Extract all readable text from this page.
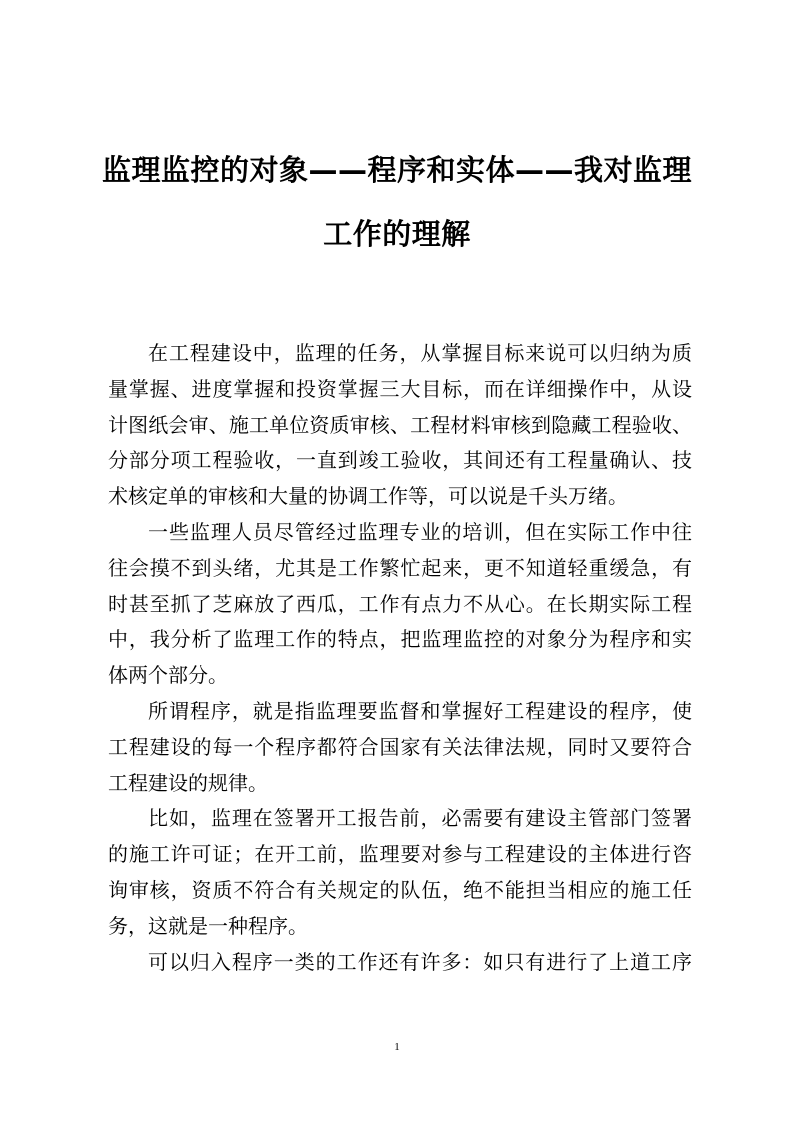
监理监控的对象——程序和实体——我对监理
工作的理解
在工程建设中，监理的任务，从掌握目标来说可以归纳为质
量掌握、进度掌握和投资掌握三大目标，而在详细操作中，从设
计图纸会审、施工单位资质审核、工程材料审核到隐藏工程验收、
分部分项工程验收，一直到竣工验收，其间还有工程量确认、技
术核定单的审核和大量的协调工作等，可以说是千头万绪。
一些监理人员尽管经过监理专业的培训，但在实际工作中往
往会摸不到头绪，尤其是工作繁忙起来，更不知道轻重缓急，有
时甚至抓了芝麻放了西瓜，工作有点力不从心。在长期实际工程
中，我分析了监理工作的特点，把监理监控的对象分为程序和实
体两个部分。
所谓程序，就是指监理要监督和掌握好工程建设的程序，使
工程建设的每一个程序都符合国家有关法律法规，同时又要符合
工程建设的规律。
比如，监理在签署开工报告前，必需要有建设主管部门签署
的施工许可证；在开工前，监理要对参与工程建设的主体进行咨
询审核，资质不符合有关规定的队伍，绝不能担当相应的施工任
务，这就是一种程序。
可以归入程序一类的工作还有许多：如只有进行了上道工序
1
